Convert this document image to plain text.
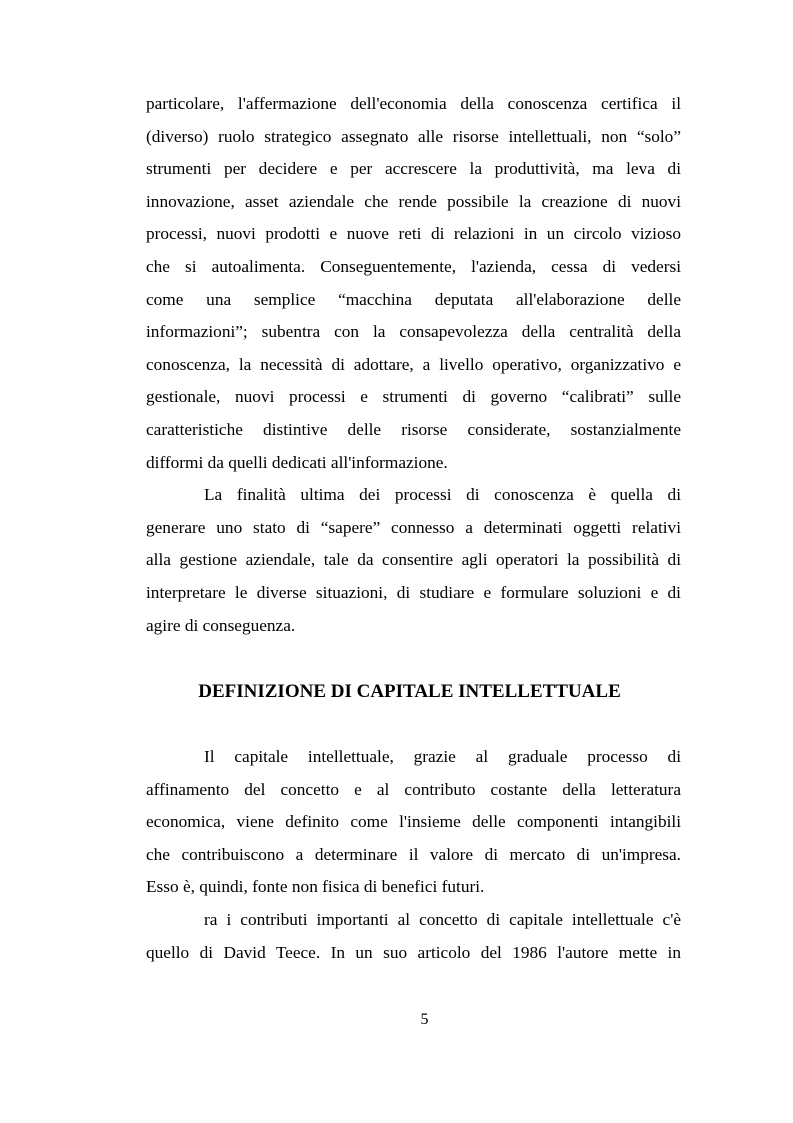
particolare, l'affermazione dell'economia della conoscenza certifica il
(diverso) ruolo strategico assegnato alle risorse intellettuali, non “solo”
strumenti per decidere e per accrescere la produttività, ma leva di
innovazione, asset aziendale che rende possibile la creazione di nuovi
processi, nuovi prodotti e nuove reti di relazioni in un circolo vizioso
che si autoalimenta. Conseguentemente, l'azienda, cessa di vedersi
come una semplice “macchina deputata all'elaborazione delle
informazioni”; subentra con la consapevolezza della centralità della
conoscenza, la necessità di adottare, a livello operativo, organizzativo e
gestionale, nuovi processi e strumenti di governo “calibrati” sulle
caratteristiche distintive delle risorse considerate, sostanzialmente
difformi da quelli dedicati all'informazione.
La finalità ultima dei processi di conoscenza è quella di
generare uno stato di “sapere” connesso a determinati oggetti relativi
alla gestione aziendale, tale da consentire agli operatori la possibilità di
interpretare le diverse situazioni, di studiare e formulare soluzioni e di
agire di conseguenza.
DEFINIZIONE DI CAPITALE INTELLETTUALE
Il capitale intellettuale, grazie al graduale processo di
affinamento del concetto e al contributo costante della letteratura
economica, viene definito come l'insieme delle componenti intangibili
che contribuiscono a determinare il valore di mercato di un'impresa.
Esso è, quindi, fonte non fisica di benefici futuri.
ra i contributi importanti al concetto di capitale intellettuale c'è
quello di David Teece. In un suo articolo del 1986 l'autore mette in
5
